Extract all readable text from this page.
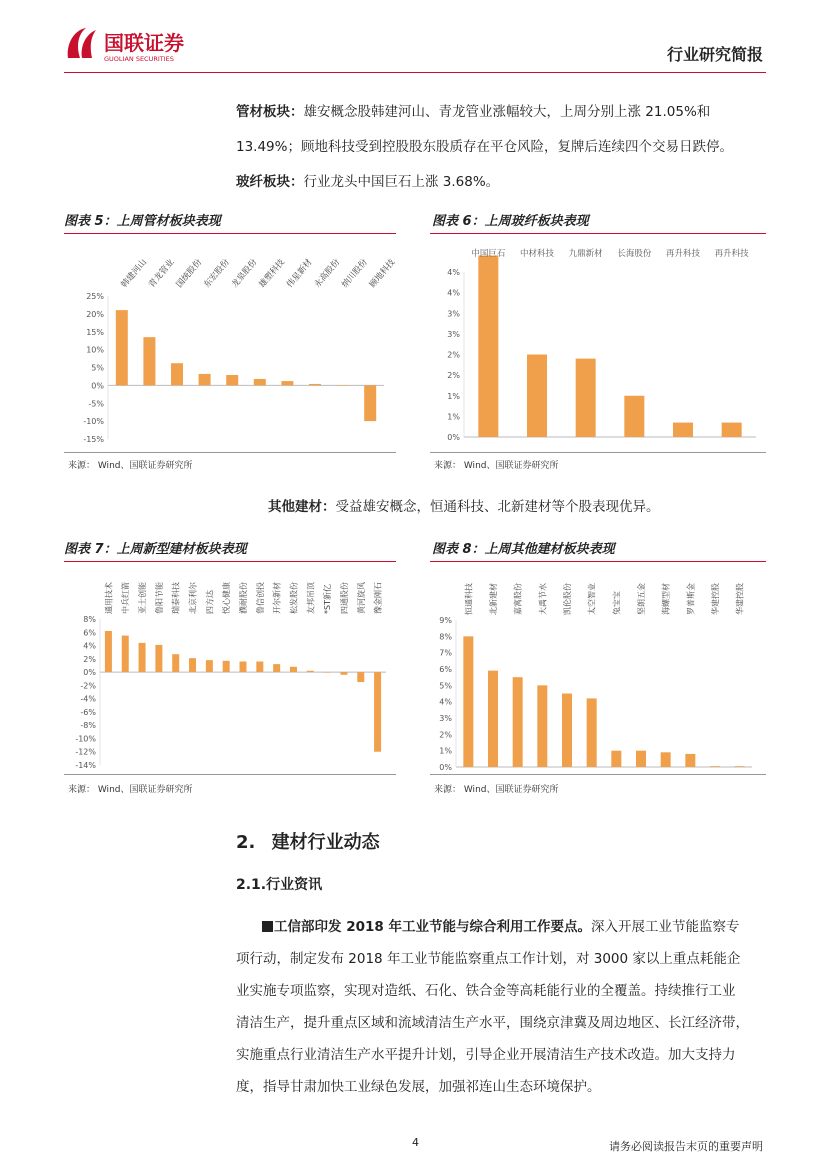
国联证券
GUOLIAN SECURITIES	行业研究简报
管材板块：雄安概念股韩建河山、青龙管业涨幅较大，上周分别上涨 21.05%和
13.49%；顾地科技受到控股股东股质存在平仓风险，复牌后连续四个交易日跌停。
玻纤板块：行业龙头中国巨石上涨 3.68%。
图表 5：上周管材板块表现
25%
20%
15%
10%
5%
0%
-5%
-10%
-15%
韩建河山
青龙管业
国统股份
东宏股份
龙泉股份
雄塑科技
伟星新材
永高股份
纳川股份
顾地科技
来源： Wind、国联证券研究所
图表 6：上周玻纤板块表现
4%
4%
3%
3%
2%
2%
1%
1%
0%
中国巨石 中材科技 九鼎新材 长海股份 再升科技 再升科技
来源： Wind、国联证券研究所
其他建材：受益雄安概念，恒通科技、北新建材等个股表现优异。
图表 7：上周新型建材板块表现
8%
6%
4%
2%
0%
-2%
-4%
-6%
-8%
-10%
-12%
-14%
通用技术 中兵红箭 亚士创能 鲁阳节能 瑞泰科技 北京利尔 四方达 悦心健康 濮耐股份 鲁信创投 开尔新材 松发股份 友邦吊顶 *ST新亿 四通股份 黄河旋风 豫金刚石
来源： Wind、国联证券研究所
图表 8：上周其他建材板块表现
9%
8%
7%
6%
5%
4%
3%
2%
1%
0%
恒通科技 北新建材 嘉寓股份 大禹节水 凯伦股份 太空智业 兔宝宝 坚朗五金 海螺型材 罗普斯金 华建控股 华建控股
来源： Wind、国联证券研究所
2. 建材行业动态
2.1.行业资讯
工信部印发 2018 年工业节能与综合利用工作要点。深入开展工业节能监察专
项行动，制定发布 2018 年工业节能监察重点工作计划，对 3000 家以上重点耗能企
业实施专项监察，实现对造纸、石化、铁合金等高耗能行业的全覆盖。持续推行工业
清洁生产，提升重点区域和流域清洁生产水平，围绕京津冀及周边地区、长江经济带，
实施重点行业清洁生产水平提升计划，引导企业开展清洁生产技术改造。加大支持力
度，指导甘肃加快工业绿色发展，加强祁连山生态环境保护。
4	请务必阅读报告末页的重要声明
